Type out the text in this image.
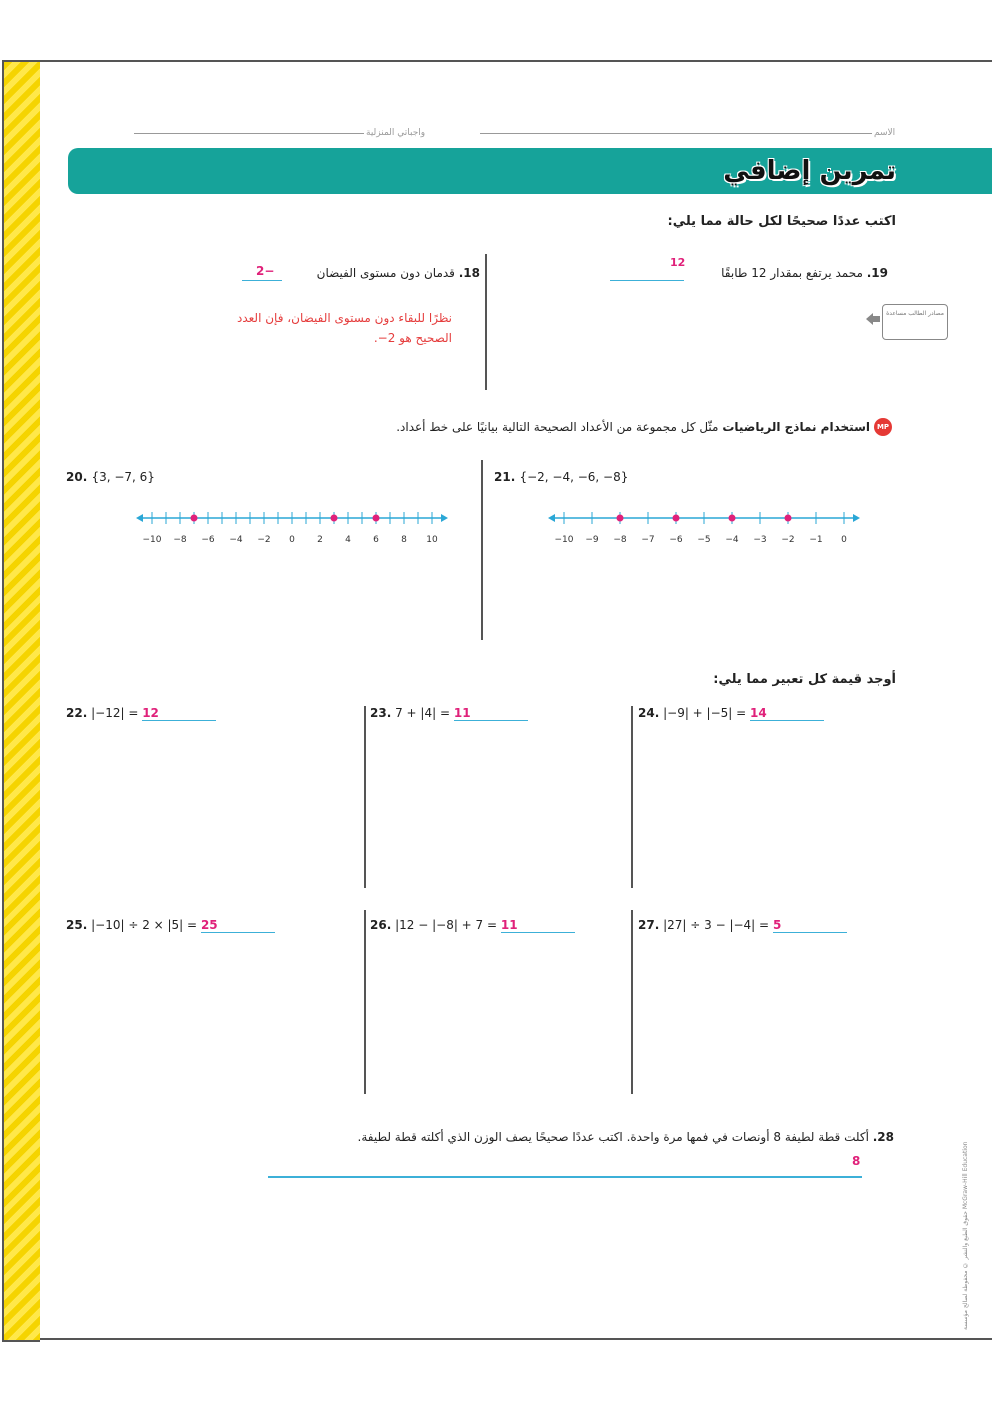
واجباتي المنزلية	الاسم
تمرين إضافي
اكتب عددًا صحيحًا لكل حالة مما يلي:
19. محمد يرتفع بمقدار 12 طابقًا
12
18. قدمان دون مستوى الفيضان
2−
نظرًا للبقاء دون مستوى الفيضان، فإن العدد
الصحيح هو 2−.
مصادر الطالب مساعدة
MP
استخدام نماذج الرياضيات مثّل كل مجموعة من الأعداد الصحيحة التالية بيانيًا على خط أعداد.
20. {3, −7, 6}
−10 −8 −6 −4 −2 0 2 4 6 8 10
21. {−2, −4, −6, −8}
−10 −9 −8 −7 −6 −5 −4 −3 −2 −1 0
أوجد قيمة كل تعبير مما يلي:
22. |−12| = 12	23. 7 + |4| = 11	24. |−9| + |−5| = 14
25. |−10| ÷ 2 × |5| = 25	26. |12 − |−8| + 7 = 11	27. |27| ÷ 3 − |−4| = 5
28. أكلت قطة لطيفة 8 أونصات في فمها مرة واحدة. اكتب عددًا صحيحًا يصف الوزن الذي أكلته قطة لطيفة.
8
حقوق الطبع والنشر © محفوظة لصالح مؤسسة McGraw-Hill Education
